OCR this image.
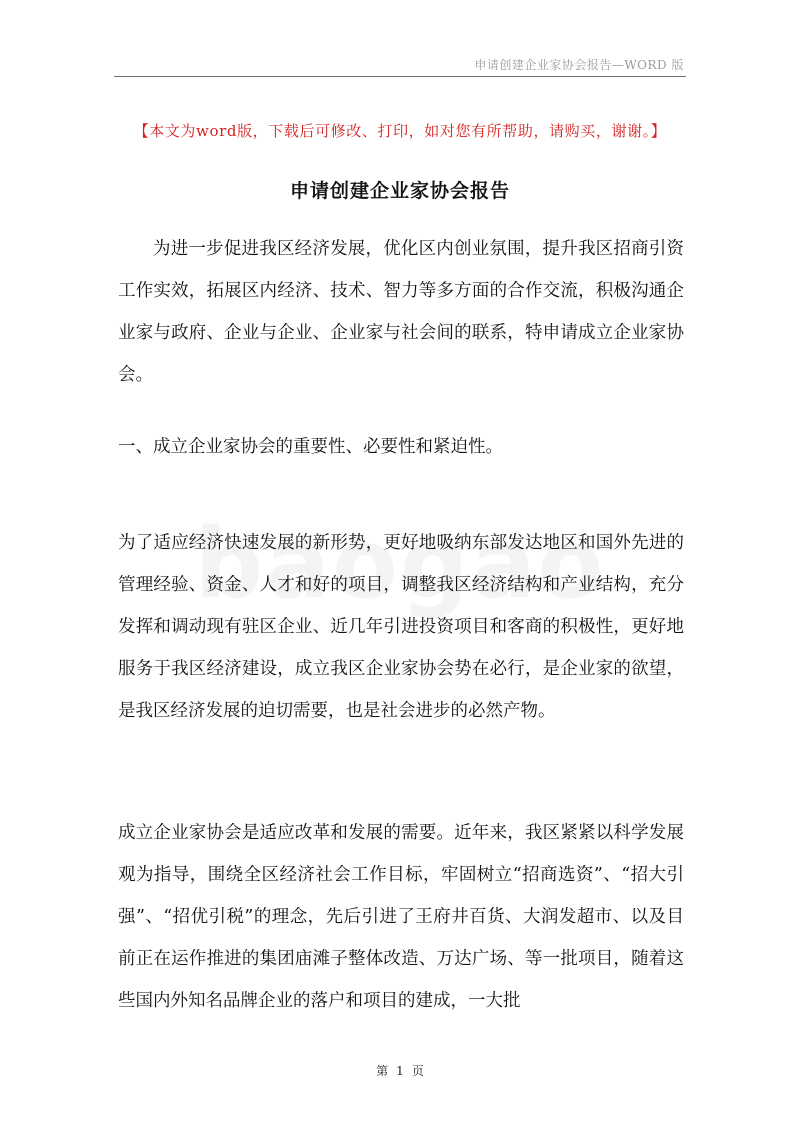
申请创建企业家协会报告—WORD 版
【本文为word版，下载后可修改、打印，如对您有所帮助，请购买，谢谢。】
申请创建企业家协会报告

为进一步促进我区经济发展，优化区内创业氛围，提升我区招商引资工作实效，拓展区内经济、技术、智力等多方面的合作交流，积极沟通企业家与政府、企业与企业、企业家与社会间的联系，特申请成立企业家协会。

一、成立企业家协会的重要性、必要性和紧迫性。

为了适应经济快速发展的新形势，更好地吸纳东部发达地区和国外先进的管理经验、资金、人才和好的项目，调整我区经济结构和产业结构，充分发挥和调动现有驻区企业、近几年引进投资项目和客商的积极性，更好地服务于我区经济建设，成立我区企业家协会势在必行，是企业家的欲望，是我区经济发展的迫切需要，也是社会进步的必然产物。

成立企业家协会是适应改革和发展的需要。近年来，我区紧紧以科学发展观为指导，围绕全区经济社会工作目标，牢固树立“招商选资”、“招大引强”、“招优引税”的理念，先后引进了王府井百货、大润发超市、以及目前正在运作推进的集团庙滩子整体改造、万达广场、等一批项目，随着这些国内外知名品牌企业的落户和项目的建成，一大批

第 1 页
